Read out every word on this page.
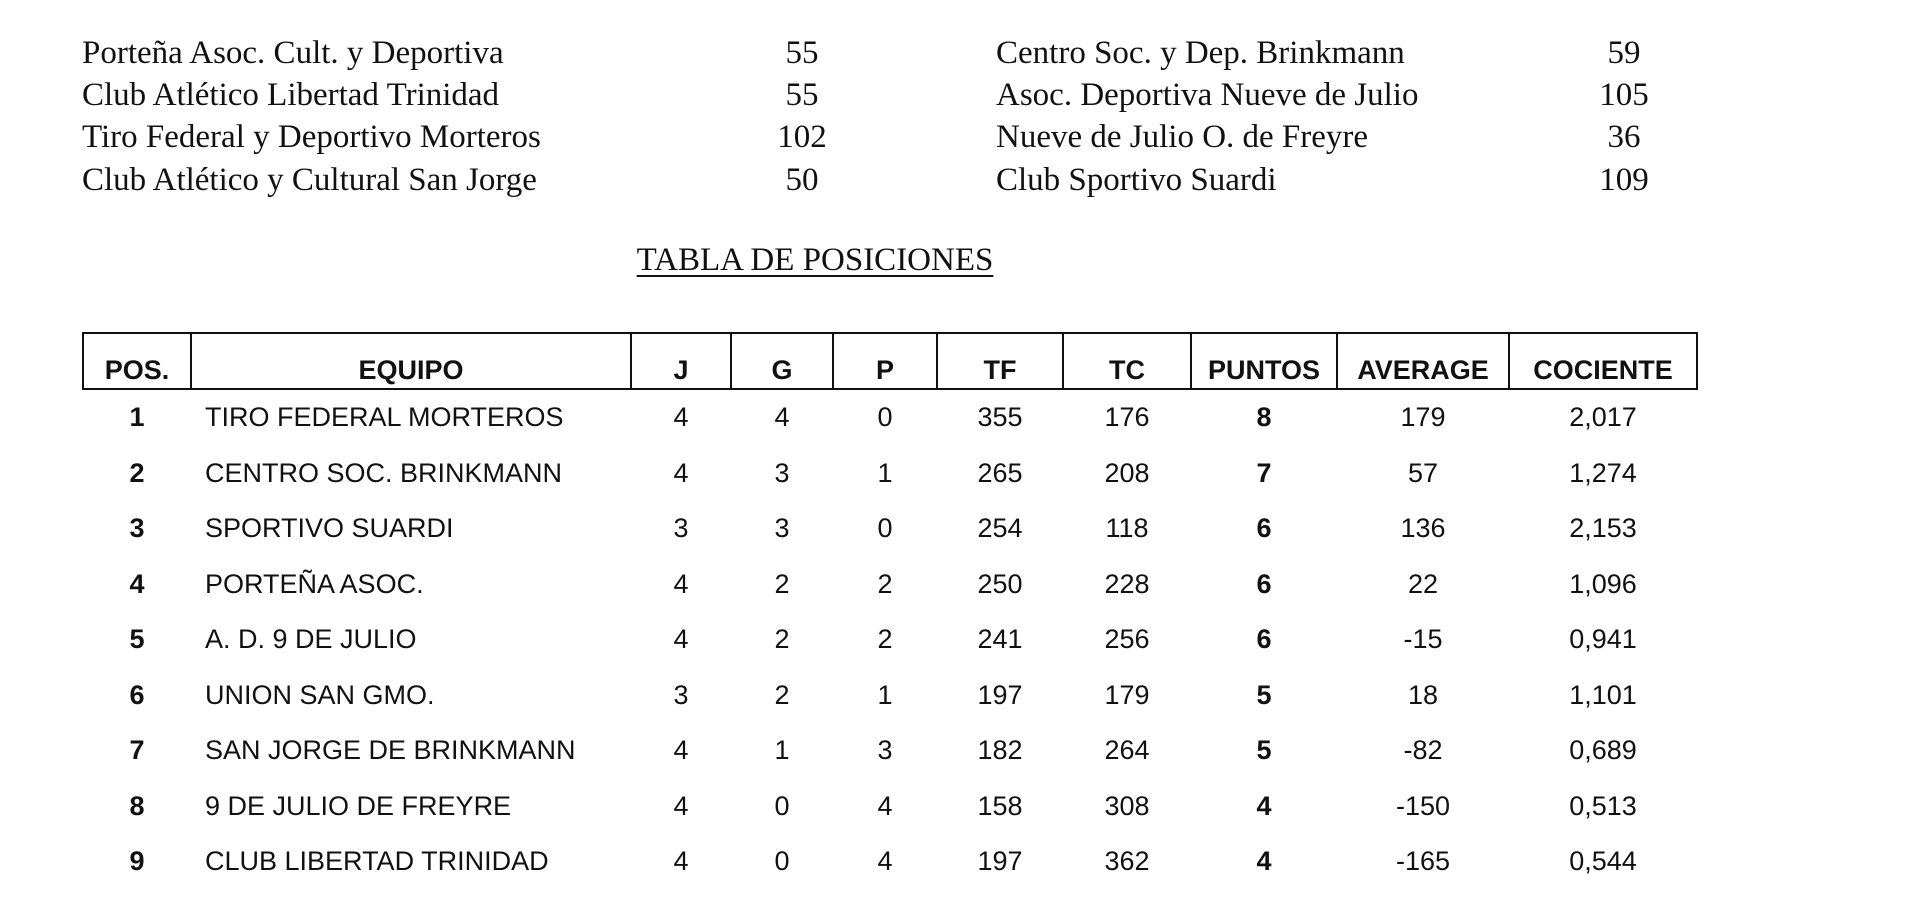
Porteña Asoc. Cult. y Deportiva	55
Club Atlético Libertad Trinidad	55
Tiro Federal y Deportivo Morteros	102
Club Atlético y Cultural San Jorge	50
Centro Soc. y Dep. Brinkmann	59
Asoc. Deportiva Nueve de Julio	105
Nueve de Julio O. de Freyre	36
Club Sportivo Suardi	109
TABLA DE POSICIONES
POS.	EQUIPO	J	G	P	TF	TC	PUNTOS	AVERAGE	COCIENTE
1	TIRO FEDERAL MORTEROS	4	4	0	355	176	8	179	2,017
2	CENTRO SOC. BRINKMANN	4	3	1	265	208	7	57	1,274
3	SPORTIVO SUARDI	3	3	0	254	118	6	136	2,153
4	PORTEÑA ASOC.	4	2	2	250	228	6	22	1,096
5	A. D. 9 DE JULIO	4	2	2	241	256	6	-15	0,941
6	UNION SAN GMO.	3	2	1	197	179	5	18	1,101
7	SAN JORGE DE BRINKMANN	4	1	3	182	264	5	-82	0,689
8	9 DE JULIO DE FREYRE	4	0	4	158	308	4	-150	0,513
9	CLUB LIBERTAD TRINIDAD	4	0	4	197	362	4	-165	0,544
